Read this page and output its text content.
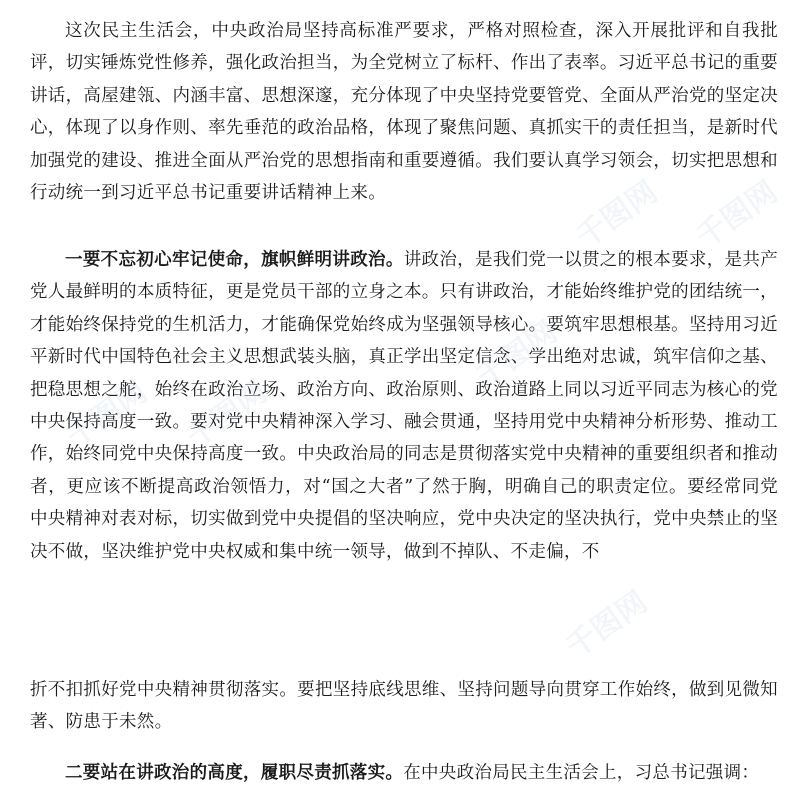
这次民主生活会，中央政治局坚持高标准严要求，严格对照检查，深入开展批评和自我批评，切实锤炼党性修养，强化政治担当，为全党树立了标杆、作出了表率。习近平总书记的重要讲话，高屋建瓴、内涵丰富、思想深邃，充分体现了中央坚持党要管党、全面从严治党的坚定决心，体现了以身作则、率先垂范的政治品格，体现了聚焦问题、真抓实干的责任担当，是新时代加强党的建设、推进全面从严治党的思想指南和重要遵循。我们要认真学习领会，切实把思想和行动统一到习近平总书记重要讲话精神上来。

一要不忘初心牢记使命，旗帜鲜明讲政治。讲政治，是我们党一以贯之的根本要求，是共产党人最鲜明的本质特征，更是党员干部的立身之本。只有讲政治，才能始终维护党的团结统一，才能始终保持党的生机活力，才能确保党始终成为坚强领导核心。要筑牢思想根基。坚持用习近平新时代中国特色社会主义思想武装头脑，真正学出坚定信念、学出绝对忠诚，筑牢信仰之基、把稳思想之舵，始终在政治立场、政治方向、政治原则、政治道路上同以习近平同志为核心的党中央保持高度一致。要对党中央精神深入学习、融会贯通，坚持用党中央精神分析形势、推动工作，始终同党中央保持高度一致。中央政治局的同志是贯彻落实党中央精神的重要组织者和推动者，更应该不断提高政治领悟力，对“国之大者”了然于胸，明确自己的职责定位。要经常同党中央精神对表对标，切实做到党中央提倡的坚决响应，党中央决定的坚决执行，党中央禁止的坚决不做，坚决维护党中央权威和集中统一领导，做到不掉队、不走偏，不

折不扣抓好党中央精神贯彻落实。要把坚持底线思维、坚持问题导向贯穿工作始终，做到见微知著、防患于未然。

二要站在讲政治的高度，履职尽责抓落实。在中央政治局民主生活会上，习总书记强调：

千图网 千图网
千图网
千图网 千图网
千图网
